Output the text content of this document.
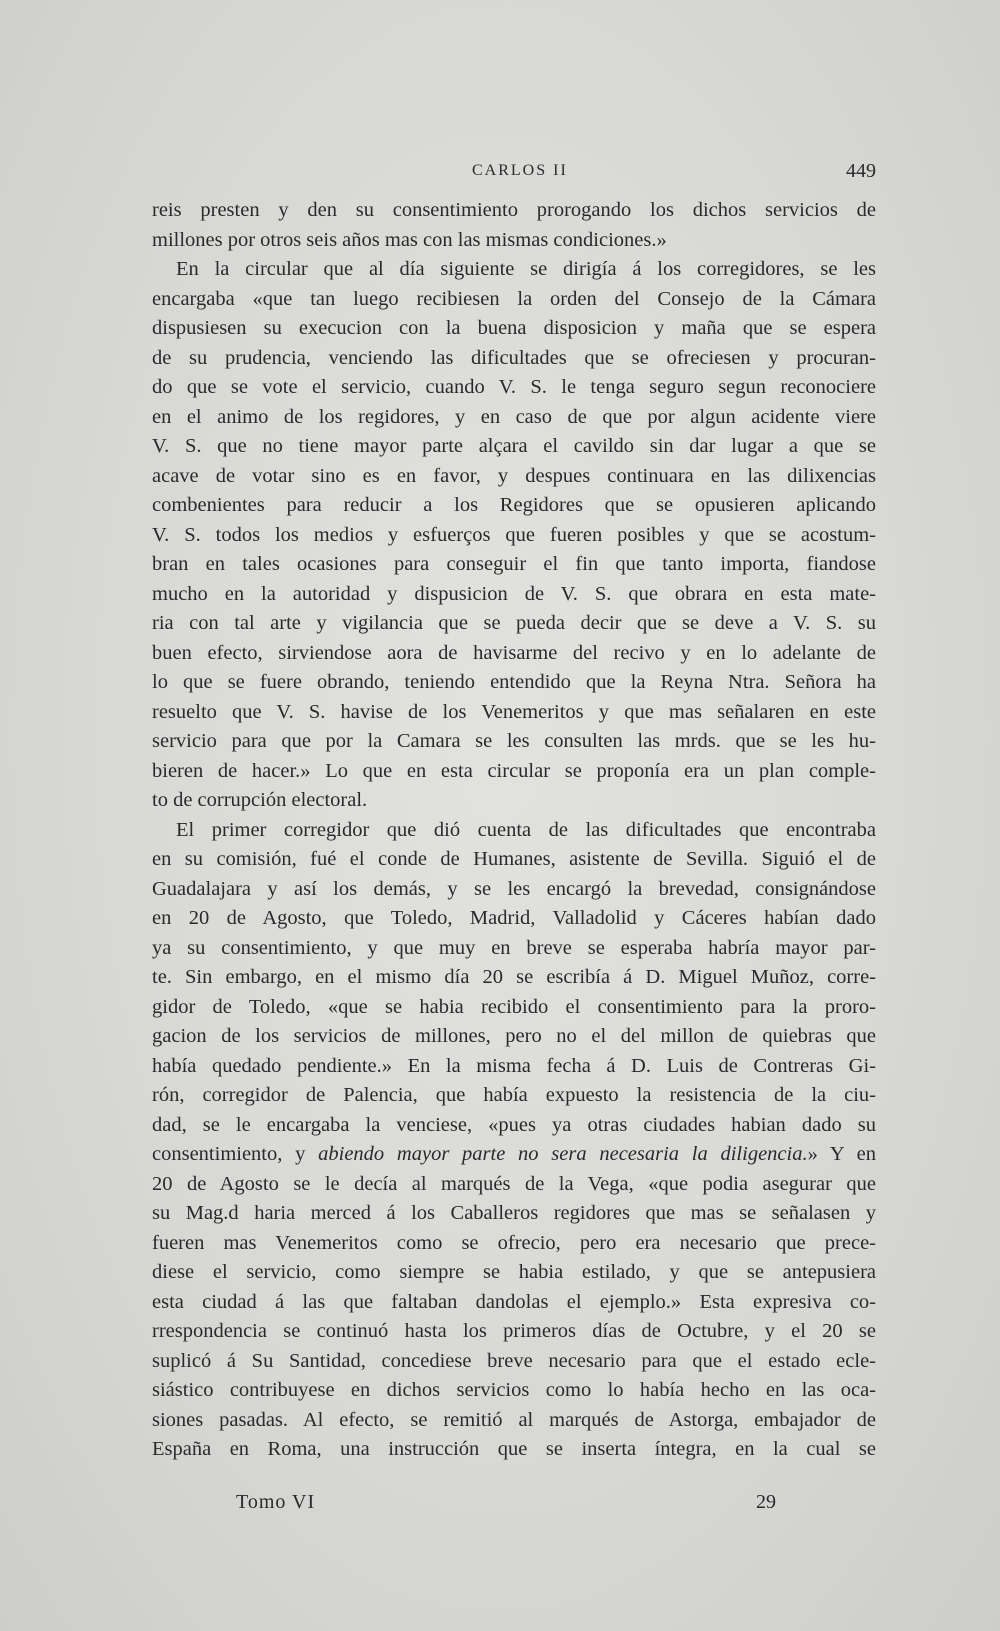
CARLOS II	449
reis presten y den su consentimiento prorogando los dichos servicios de
millones por otros seis años mas con las mismas condiciones.»
En la circular que al día siguiente se dirigía á los corregidores, se les
encargaba «que tan luego recibiesen la orden del Consejo de la Cámara
dispusiesen su execucion con la buena disposicion y maña que se espera
de su prudencia, venciendo las dificultades que se ofreciesen y procuran-
do que se vote el servicio, cuando V. S. le tenga seguro segun reconociere
en el animo de los regidores, y en caso de que por algun acidente viere
V. S. que no tiene mayor parte alçara el cavildo sin dar lugar a que se
acave de votar sino es en favor, y despues continuara en las dilixencias
combenientes para reducir a los Regidores que se opusieren aplicando
V. S. todos los medios y esfuerços que fueren posibles y que se acostum-
bran en tales ocasiones para conseguir el fin que tanto importa, fiandose
mucho en la autoridad y dispusicion de V. S. que obrara en esta mate-
ria con tal arte y vigilancia que se pueda decir que se deve a V. S. su
buen efecto, sirviendose aora de havisarme del recivo y en lo adelante de
lo que se fuere obrando, teniendo entendido que la Reyna Ntra. Señora ha
resuelto que V. S. havise de los Venemeritos y que mas señalaren en este
servicio para que por la Camara se les consulten las mrds. que se les hu-
bieren de hacer.» Lo que en esta circular se proponía era un plan comple-
to de corrupción electoral.
El primer corregidor que dió cuenta de las dificultades que encontraba
en su comisión, fué el conde de Humanes, asistente de Sevilla. Siguió el de
Guadalajara y así los demás, y se les encargó la brevedad, consignándose
en 20 de Agosto, que Toledo, Madrid, Valladolid y Cáceres habían dado
ya su consentimiento, y que muy en breve se esperaba habría mayor par-
te. Sin embargo, en el mismo día 20 se escribía á D. Miguel Muñoz, corre-
gidor de Toledo, «que se habia recibido el consentimiento para la proro-
gacion de los servicios de millones, pero no el del millon de quiebras que
había quedado pendiente.» En la misma fecha á D. Luis de Contreras Gi-
rón, corregidor de Palencia, que había expuesto la resistencia de la ciu-
dad, se le encargaba la venciese, «pues ya otras ciudades habian dado su
consentimiento, y abiendo mayor parte no sera necesaria la diligencia.» Y en
20 de Agosto se le decía al marqués de la Vega, «que podia asegurar que
su Mag.d haria merced á los Caballeros regidores que mas se señalasen y
fueren mas Venemeritos como se ofrecio, pero era necesario que prece-
diese el servicio, como siempre se habia estilado, y que se antepusiera
esta ciudad á las que faltaban dandolas el ejemplo.» Esta expresiva co-
rrespondencia se continuó hasta los primeros días de Octubre, y el 20 se
suplicó á Su Santidad, concediese breve necesario para que el estado ecle-
siástico contribuyese en dichos servicios como lo había hecho en las oca-
siones pasadas. Al efecto, se remitió al marqués de Astorga, embajador de
España en Roma, una instrucción que se inserta íntegra, en la cual se
Tomo VI	29
